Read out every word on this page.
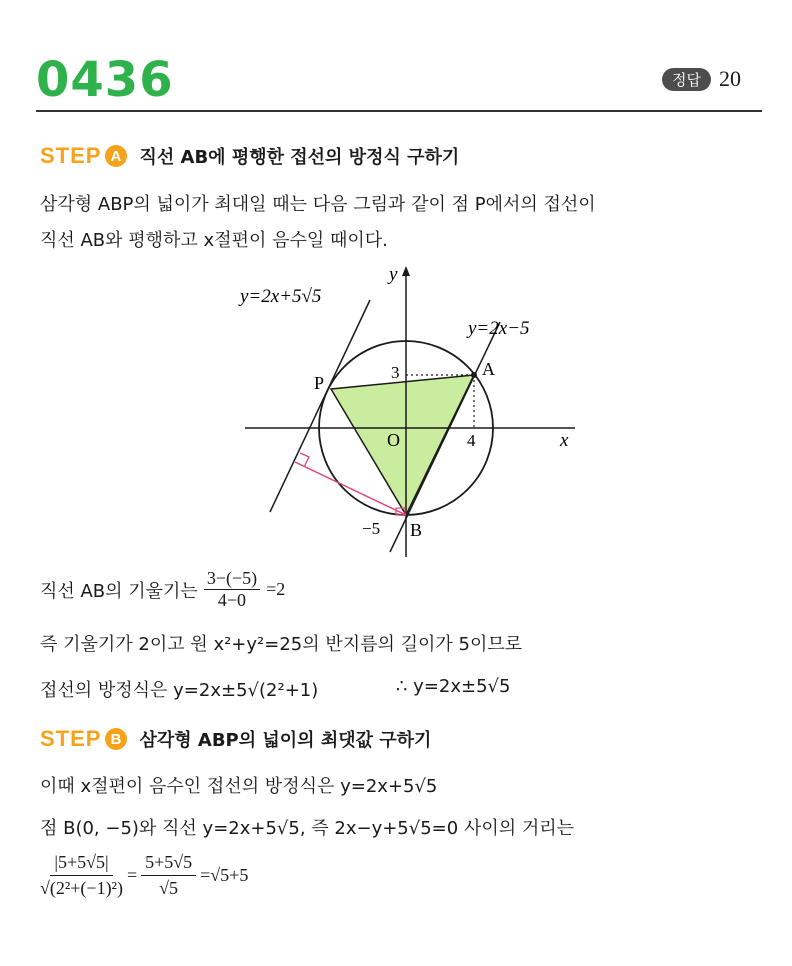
0436	정답 20
STEP A 직선 AB에 평행한 접선의 방정식 구하기
삼각형 ABP의 넓이가 최대일 때는 다음 그림과 같이 점 P에서의 접선이
직선 AB와 평행하고 x절편이 음수일 때이다.
y=2x+5√5
y=2x−5
y
x
P
A
B
O
3
4
−5
직선 AB의 기울기는 $\frac{3-(-5)}{4-0} =2$
즉 기울기가 2이고 원 x²+y²=25의 반지름의 길이가 5이므로
접선의 방정식은 y=2x±5√(2²+1)	∴ y=2x±5√5
STEP B 삼각형 ABP의 넓이의 최댓값 구하기
이때 x절편이 음수인 접선의 방정식은 y=2x+5√5
점 B(0, −5)와 직선 y=2x+5√5, 즉 2x−y+5√5=0 사이의 거리는
$\frac{|5+5√5|}{\text{√(2²+(−1)²)}} = \frac{5+5√5}{√5} =√5+5$
